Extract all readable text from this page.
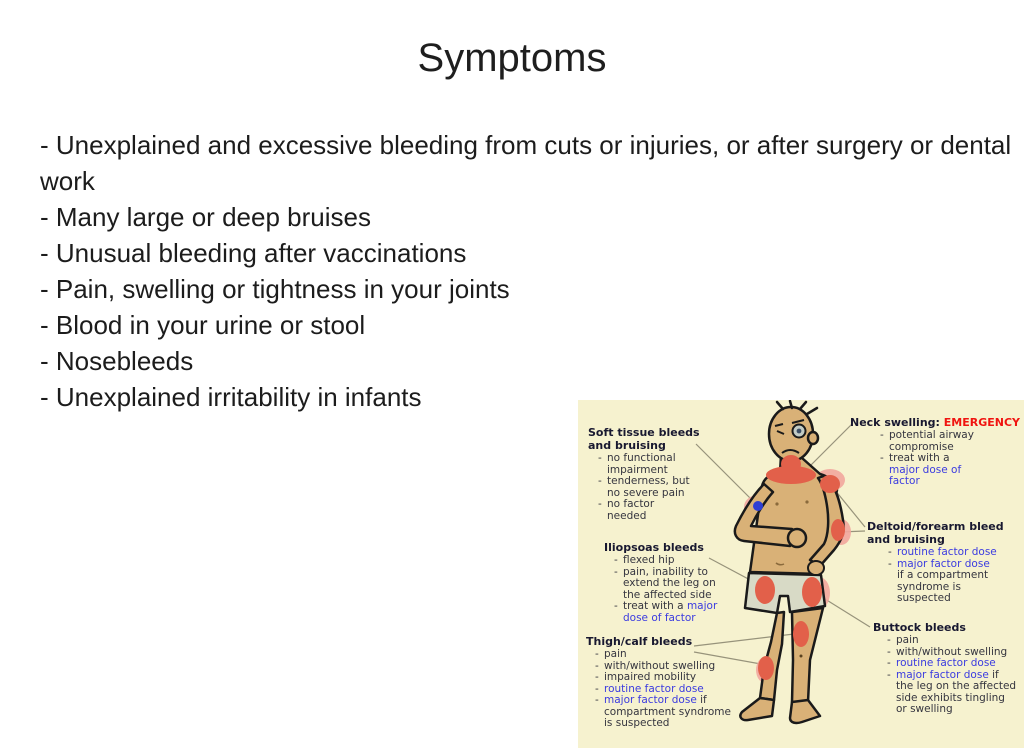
Symptoms
- Unexplained and excessive bleeding from cuts or injuries, or after surgery or dental work
- Many large or deep bruises
- Unusual bleeding after vaccinations
- Pain, swelling or tightness in your joints
- Blood in your urine or stool
- Nosebleeds
- Unexplained irritability in infants
Soft tissue bleeds and bruising
- no functional impairment
- tenderness, but no severe pain
- no factor needed
Neck swelling: EMERGENCY
- potential airway compromise
- treat with a major dose of factor
Iliopsoas bleeds
- flexed hip
- pain, inability to extend the leg on the affected side
- treat with a major dose of factor
Deltoid/forearm bleed and bruising
- routine factor dose
- major factor dose if a compartment syndrome is suspected
Thigh/calf bleeds
- pain
- with/without swelling
- impaired mobility
- routine factor dose
- major factor dose if compartment syndrome is suspected
Buttock bleeds
- pain
- with/without swelling
- routine factor dose
- major factor dose if the leg on the affected side exhibits tingling or swelling
